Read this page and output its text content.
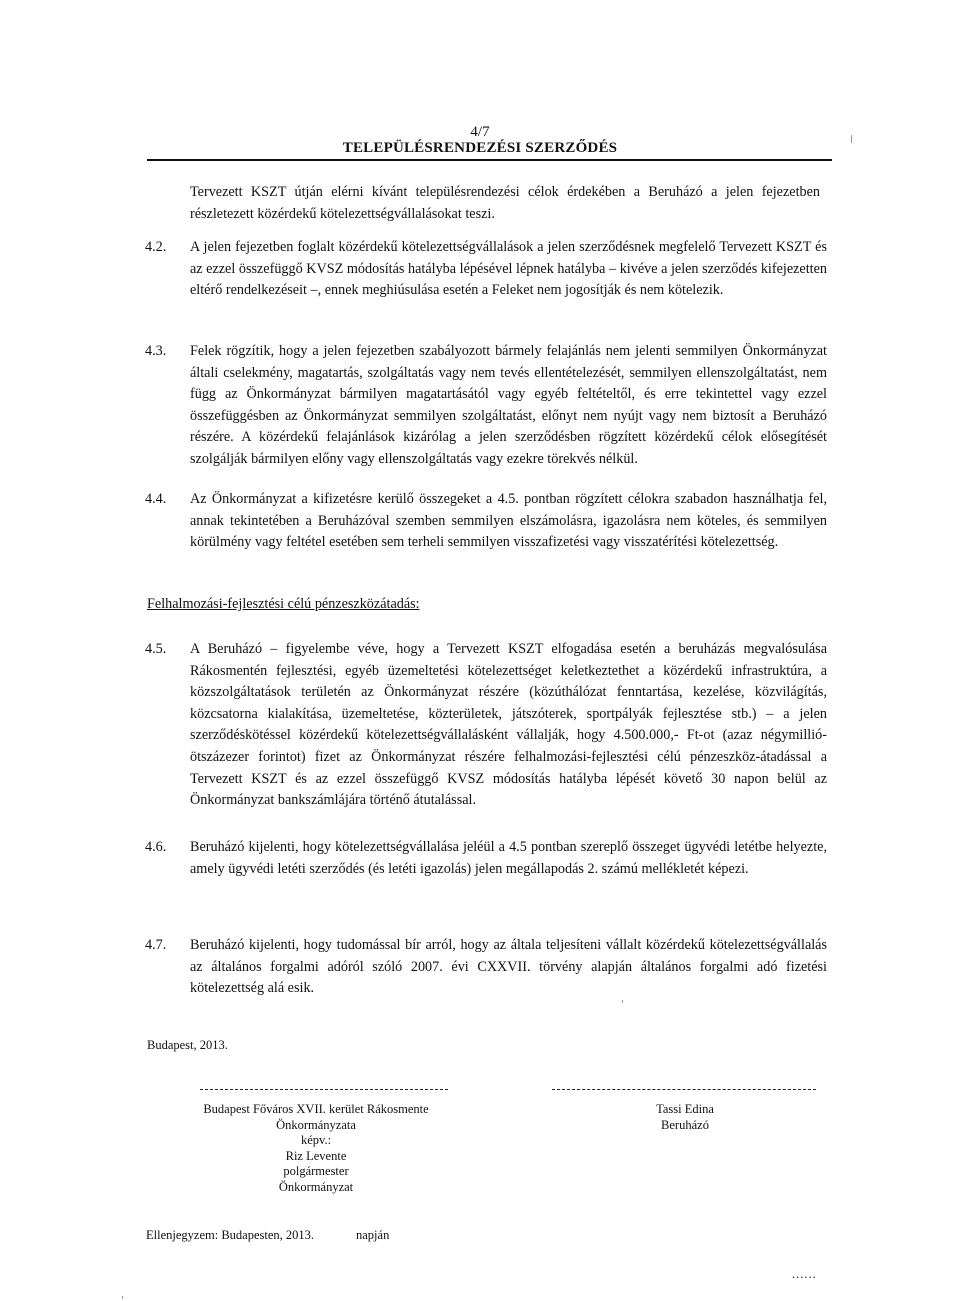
4/7
TELEPÜLÉSRENDEZÉSI SZERZŐDÉS
Tervezett KSZT útján elérni kívánt településrendezési célok érdekében a Beruházó a jelen fejezetben részletezett közérdekű kötelezettségvállalásokat teszi.
4.2. A jelen fejezetben foglalt közérdekű kötelezettségvállalások a jelen szerződésnek megfelelő Tervezett KSZT és az ezzel összefüggő KVSZ módosítás hatályba lépésével lépnek hatályba – kivéve a jelen szerződés kifejezetten eltérő rendelkezéseit –, ennek meghiúsulása esetén a Feleket nem jogosítják és nem kötelezik.
4.3. Felek rögzítik, hogy a jelen fejezetben szabályozott bármely felajánlás nem jelenti semmilyen Önkormányzat általi cselekmény, magatartás, szolgáltatás vagy nem tevés ellentételezését, semmilyen ellenszolgáltatást, nem függ az Önkormányzat bármilyen magatartásától vagy egyéb feltételtől, és erre tekintettel vagy ezzel összefüggésben az Önkormányzat semmilyen szolgáltatást, előnyt nem nyújt vagy nem biztosít a Beruházó részére. A közérdekű felajánlások kizárólag a jelen szerződésben rögzített közérdekű célok elősegítését szolgálják bármilyen előny vagy ellenszolgáltatás vagy ezekre törekvés nélkül.
4.4. Az Önkormányzat a kifizetésre kerülő összegeket a 4.5. pontban rögzített célokra szabadon használhatja fel, annak tekintetében a Beruházóval szemben semmilyen elszámolásra, igazolásra nem köteles, és semmilyen körülmény vagy feltétel esetében sem terheli semmilyen visszafizetési vagy visszatérítési kötelezettség.
Felhalmozási-fejlesztési célú pénzeszközátadás:
4.5. A Beruházó – figyelembe véve, hogy a Tervezett KSZT elfogadása esetén a beruházás megvalósulása Rákosmentén fejlesztési, egyéb üzemeltetési kötelezettséget keletkeztethet a közérdekű infrastruktúra, a közszolgáltatások területén az Önkormányzat részére (közúthálózat fenntartása, kezelése, közvilágítás, közcsatorna kialakítása, üzemeltetése, közterületek, játszóterek, sportpályák fejlesztése stb.) – a jelen szerződéskötéssel közérdekű kötelezettségvállalásként vállalják, hogy 4.500.000,- Ft-ot (azaz négymillió-ötszázezer forintot) fizet az Önkormányzat részére felhalmozási-fejlesztési célú pénzeszköz-átadással a Tervezett KSZT és az ezzel összefüggő KVSZ módosítás hatályba lépését követő 30 napon belül az Önkormányzat bankszámlájára történő átutalással.
4.6. Beruházó kijelenti, hogy kötelezettségvállalása jeléül a 4.5 pontban szereplő összeget ügyvédi letétbe helyezte, amely ügyvédi letéti szerződés (és letéti igazolás) jelen megállapodás 2. számú mellékletét képezi.
4.7. Beruházó kijelenti, hogy tudomással bír arról, hogy az általa teljesíteni vállalt közérdekű kötelezettségvállalás az általános forgalmi adóról szóló 2007. évi CXXVII. törvény alapján általános forgalmi adó fizetési kötelezettség alá esik.
Budapest, 2013.
Budapest Főváros XVII. kerület Rákosmente
Önkormányzata
képv.:
Riz Levente
polgármester
Önkormányzat
Tassi Edina
Beruházó
Ellenjegyzem: Budapesten, 2013.	napján
......
